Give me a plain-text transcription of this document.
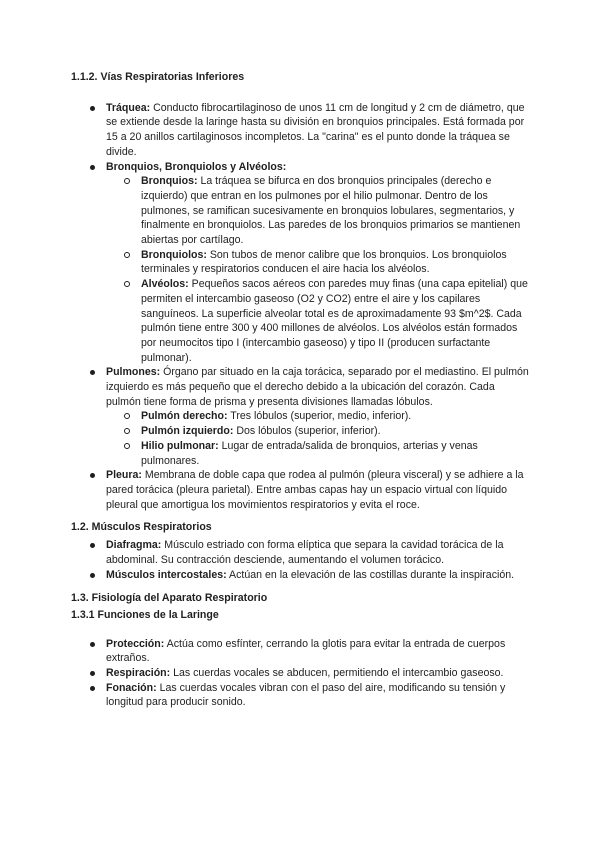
1.1.2. Vías Respiratorias Inferiores

Tráquea: Conducto fibrocartilaginoso de unos 11 cm de longitud y 2 cm de diámetro, que se extiende desde la laringe hasta su división en bronquios principales. Está formada por 15 a 20 anillos cartilaginosos incompletos. La "carina" es el punto donde la tráquea se divide.
Bronquios, Bronquiolos y Alvéolos:
Bronquios: La tráquea se bifurca en dos bronquios principales (derecho e izquierdo) que entran en los pulmones por el hilio pulmonar. Dentro de los pulmones, se ramifican sucesivamente en bronquios lobulares, segmentarios, y finalmente en bronquiolos. Las paredes de los bronquios primarios se mantienen abiertas por cartílago.
Bronquiolos: Son tubos de menor calibre que los bronquios. Los bronquiolos terminales y respiratorios conducen el aire hacia los alvéolos.
Alvéolos: Pequeños sacos aéreos con paredes muy finas (una capa epitelial) que permiten el intercambio gaseoso (O2 y CO2) entre el aire y los capilares sanguíneos. La superficie alveolar total es de aproximadamente 93 $m^2$. Cada pulmón tiene entre 300 y 400 millones de alvéolos. Los alvéolos están formados por neumocitos tipo I (intercambio gaseoso) y tipo II (producen surfactante pulmonar).
Pulmones: Órgano par situado en la caja torácica, separado por el mediastino. El pulmón izquierdo es más pequeño que el derecho debido a la ubicación del corazón. Cada pulmón tiene forma de prisma y presenta divisiones llamadas lóbulos.
Pulmón derecho: Tres lóbulos (superior, medio, inferior).
Pulmón izquierdo: Dos lóbulos (superior, inferior).
Hilio pulmonar: Lugar de entrada/salida de bronquios, arterias y venas pulmonares.
Pleura: Membrana de doble capa que rodea al pulmón (pleura visceral) y se adhiere a la pared torácica (pleura parietal). Entre ambas capas hay un espacio virtual con líquido pleural que amortigua los movimientos respiratorios y evita el roce.

1.2. Músculos Respiratorios

Diafragma: Músculo estriado con forma elíptica que separa la cavidad torácica de la abdominal. Su contracción desciende, aumentando el volumen torácico.
Músculos intercostales: Actúan en la elevación de las costillas durante la inspiración.

1.3. Fisiología del Aparato Respiratorio

1.3.1 Funciones de la Laringe

Protección: Actúa como esfínter, cerrando la glotis para evitar la entrada de cuerpos extraños.
Respiración: Las cuerdas vocales se abducen, permitiendo el intercambio gaseoso.
Fonación: Las cuerdas vocales vibran con el paso del aire, modificando su tensión y longitud para producir sonido.
